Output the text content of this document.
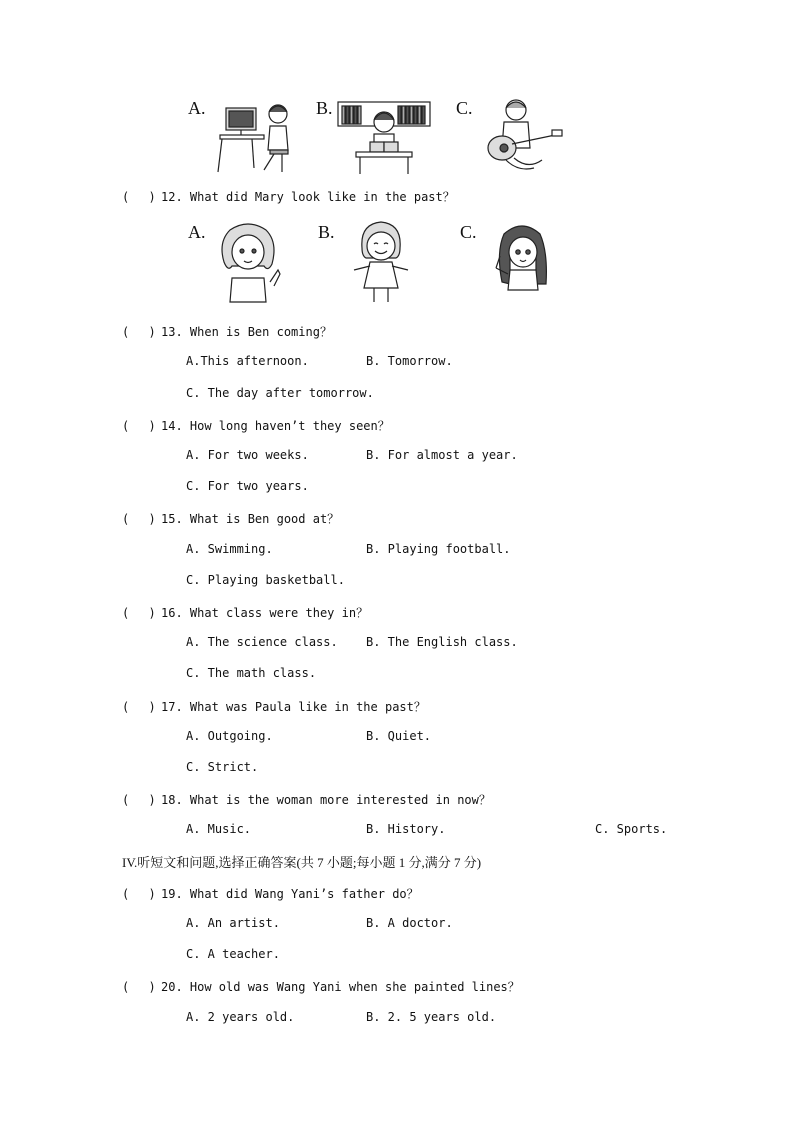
A.	B.	C.
(　 ) 12. What did Mary look like in the past？
A.	B.	C.
(　 ) 13. When is Ben coming？
A.This afternoon.	B. Tomorrow.
C. The day after tomorrow.
(　 ) 14. How long haven’t they seen？
A. For two weeks.	B. For almost a year.
C. For two years.
(　 ) 15. What is Ben good at？
A. Swimming.	B. Playing football.
C. Playing basketball.
(　 ) 16. What class were they in？
A. The science class. B. The English class.
C. The math class.
(　 ) 17. What was Paula like in the past？
A. Outgoing.	B. Quiet.
C. Strict.
(　 ) 18. What is the woman more interested in now？
A. Music.	B. History.	C. Sports.
IV.听短文和问题,选择正确答案(共 7 小题;每小题 1 分,满分 7 分)
(　 ) 19. What did Wang Yani’s father do？
A. An artist.	B. A doctor.
C. A teacher.
(　 ) 20. How old was Wang Yani when she painted lines？
A. 2 years old.	B. 2. 5 years old.
